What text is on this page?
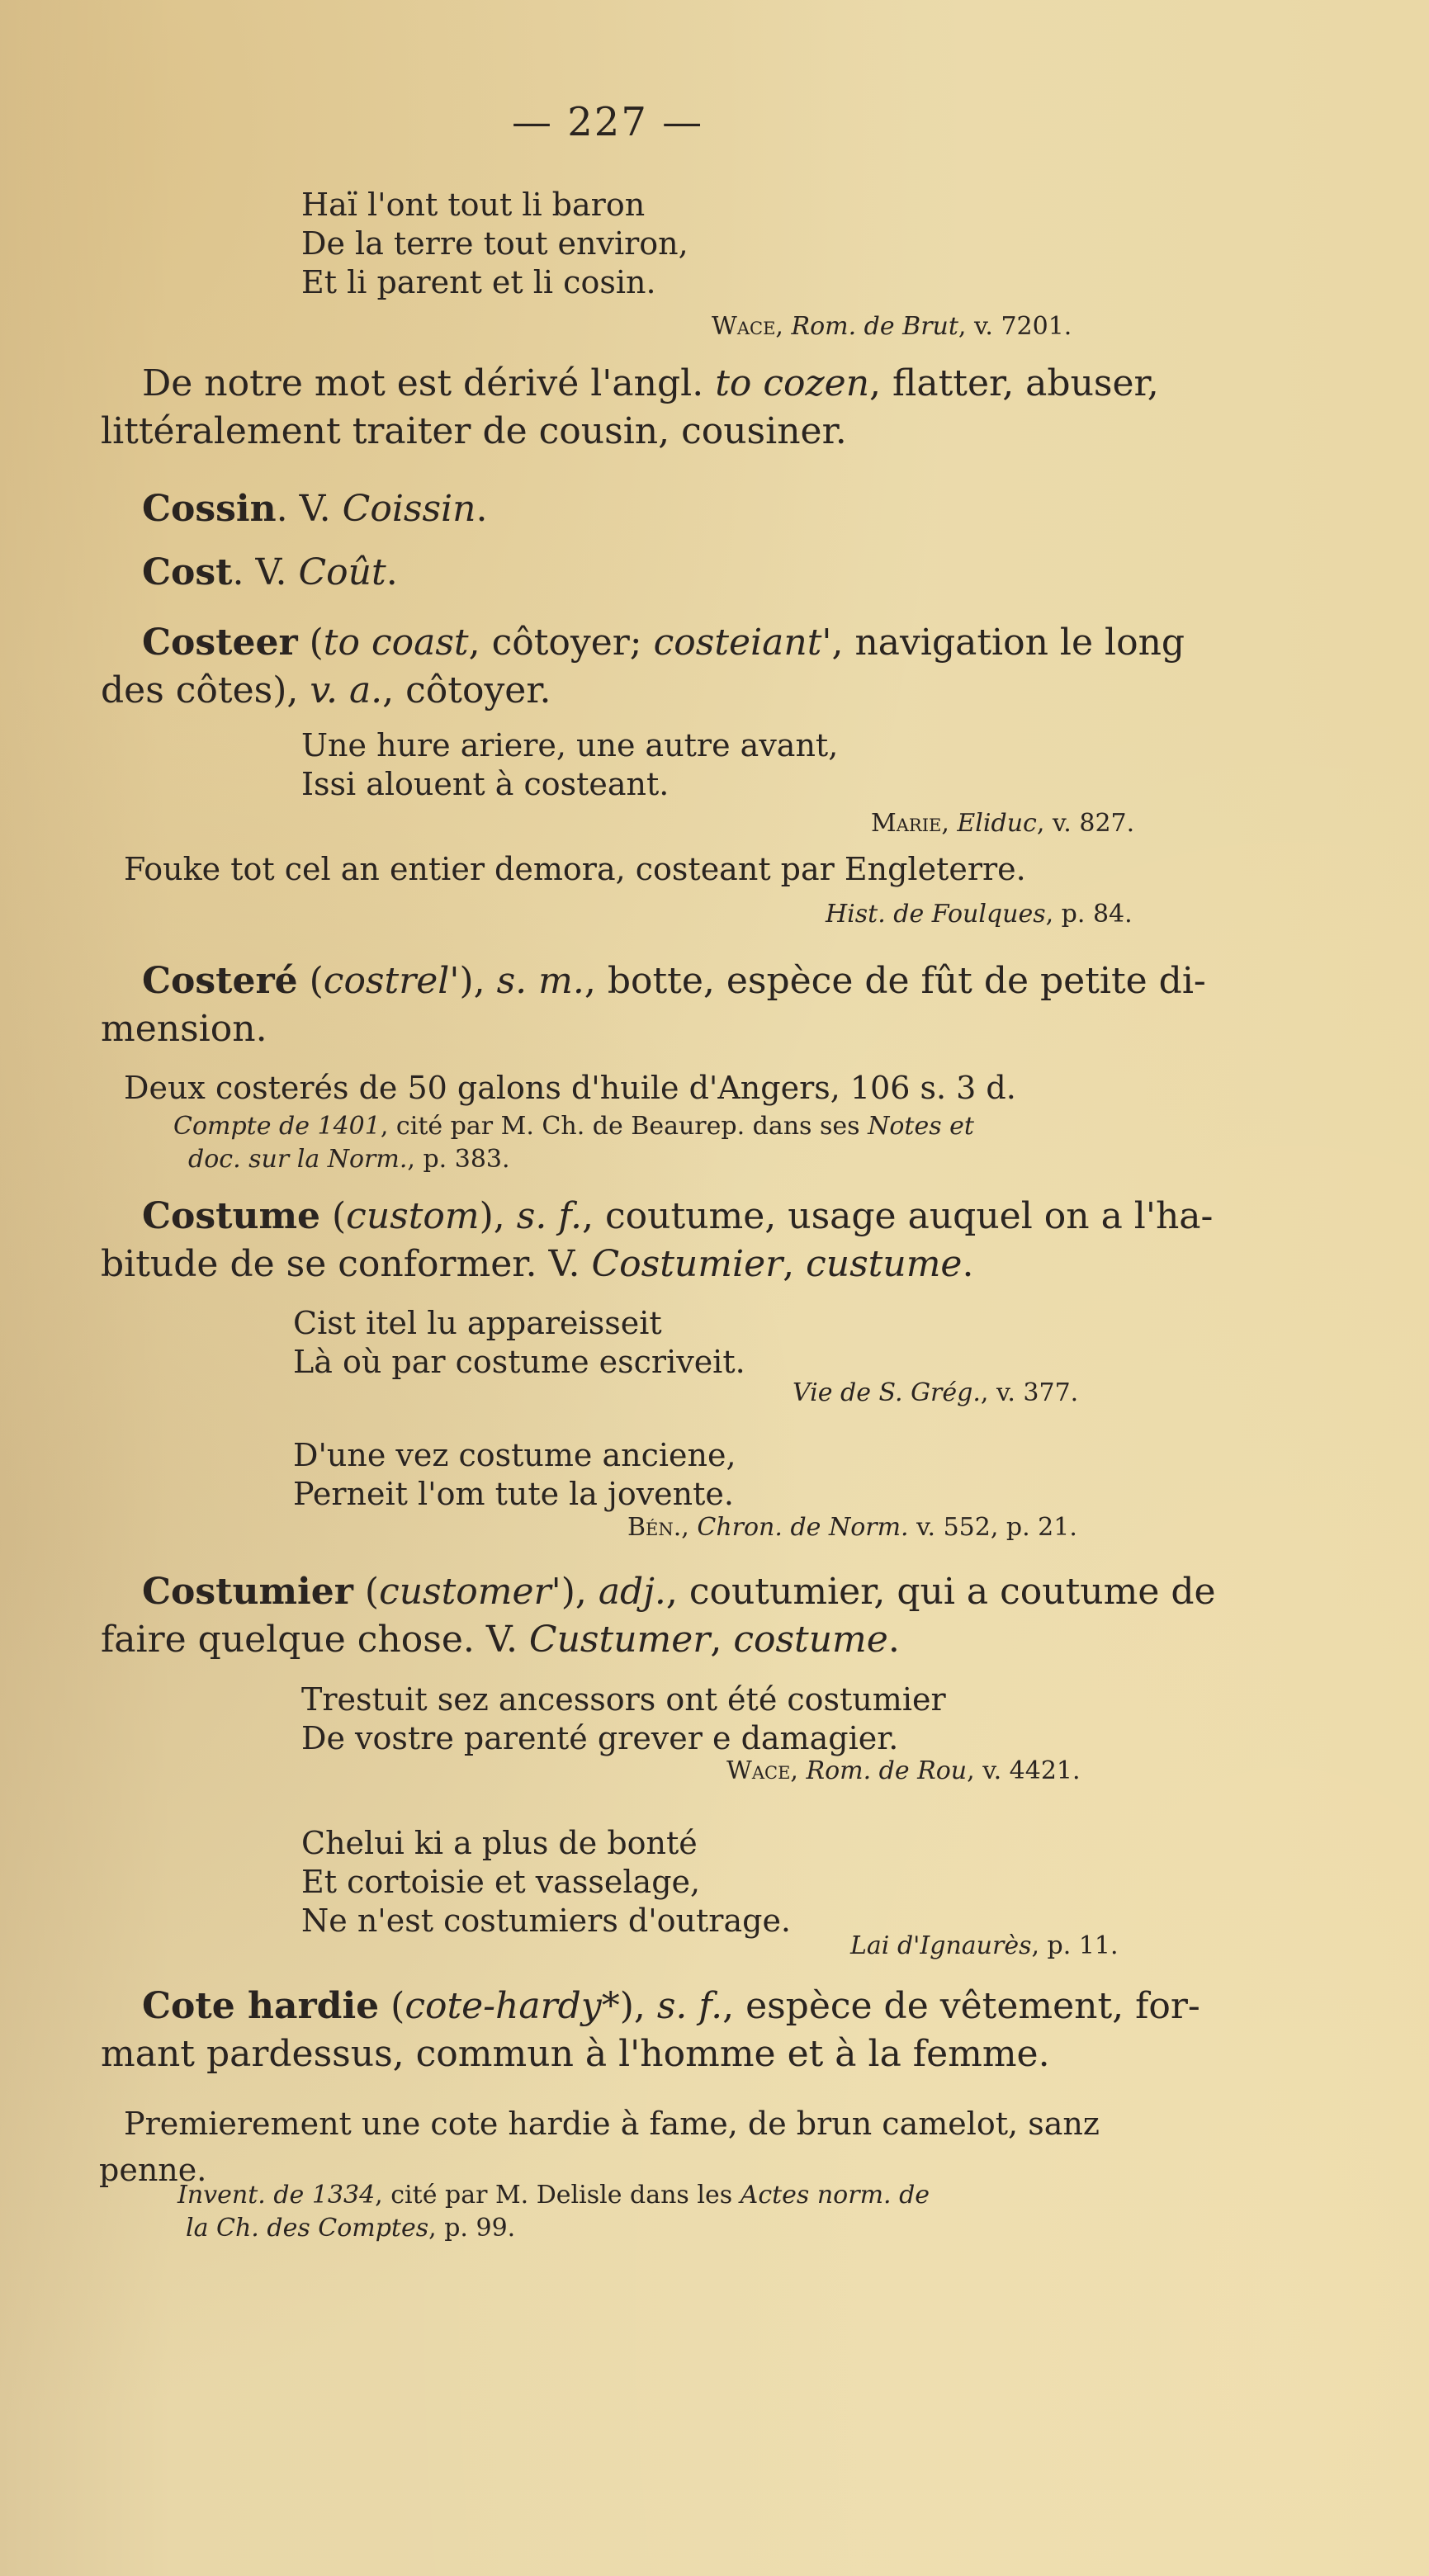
— 227 —
Haï l'ont tout li baron
De la terre tout environ,
Et li parent et li cosin.
Wace, Rom. de Brut, v. 7201.
De notre mot est dérivé l'angl. to cozen, flatter, abuser,
littéralement traiter de cousin, cousiner.
Cossin. V. Coissin.
Cost. V. Coût.
Costeer (to coast, côtoyer; costeiant', navigation le long
des côtes), v. a., côtoyer.
Une hure ariere, une autre avant,
Issi alouent à costeant.
Marie, Eliduc, v. 827.
Fouke tot cel an entier demora, costeant par Engleterre.
Hist. de Foulques, p. 84.
Costeré (costrel'), s. m., botte, espèce de fût de petite di-
mension.
Deux costerés de 50 galons d'huile d'Angers, 106 s. 3 d.
Compte de 1401, cité par M. Ch. de Beaurep. dans ses Notes et
doc. sur la Norm., p. 383.
Costume (custom), s. f., coutume, usage auquel on a l'ha-
bitude de se conformer. V. Costumier, custume.
Cist itel lu appareisseit
Là où par costume escriveit.
Vie de S. Grég., v. 377.
D'une vez costume anciene,
Perneit l'om tute la jovente.
Bén., Chron. de Norm. v. 552, p. 21.
Costumier (customer'), adj., coutumier, qui a coutume de
faire quelque chose. V. Custumer, costume.
Trestuit sez ancessors ont été costumier
De vostre parenté grever e damagier.
Wace, Rom. de Rou, v. 4421.
Chelui ki a plus de bonté
Et cortoisie et vasselage,
Ne n'est costumiers d'outrage.
Lai d'Ignaurès, p. 11.
Cote hardie (cote-hardy*), s. f., espèce de vêtement, for-
mant pardessus, commun à l'homme et à la femme.
Premierement une cote hardie à fame, de brun camelot, sanz
penne.
Invent. de 1334, cité par M. Delisle dans les Actes norm. de
la Ch. des Comptes, p. 99.
